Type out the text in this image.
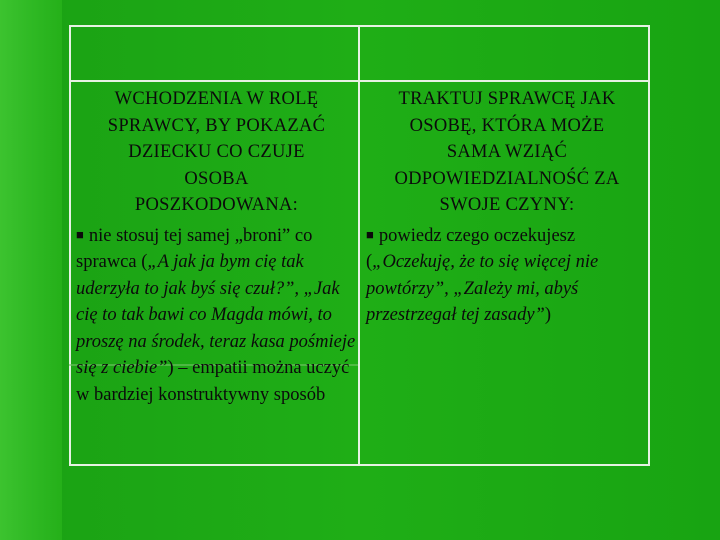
WCHODZENIA W ROLĘ
SPRAWCY, BY POKAZAĆ
DZIECKU CO CZUJE
OSOBA
POSZKODOWANA:
■ nie stosuj tej samej „broni” co sprawca („A jak ja bym cię tak uderzyła to jak byś się czuł?”, „Jak cię to tak bawi co Magda mówi, to proszę na środek, teraz kasa pośmieje się z ciebie”) – empatii można uczyć w bardziej konstruktywny sposób
TRAKTUJ SPRAWCĘ JAK
OSOBĘ, KTÓRA MOŻE
SAMA WZIĄĆ
ODPOWIEDZIALNOŚĆ ZA
SWOJE CZYNY:
■ powiedz czego oczekujesz („Oczekuję, że to się więcej nie powtórzy”, „Zależy mi, abyś przestrzegał tej zasady”)
